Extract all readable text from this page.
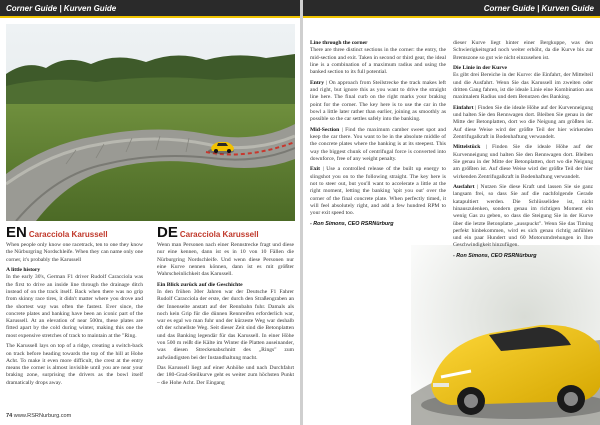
Corner Guide | Kurven Guide
EN Caracciola Karussell

When people only know one racetrack, ten to one they know the Nürburgring Nordschleife. When they can name only one corner, it's probably the Karussell

A little history

In the early 30's, German F1 driver Rudolf Caracciola was the first to drive an inside line through the drainage ditch instead of on the track itself. Back when there was no grip from skinny race tires, it didn't matter where you drove and the shortest way was often the fastest. Ever since, the concrete plates and banking have been an iconic part of the Karussell. At an elevation of near 500m, these plates are fitted apart by the cold during winter, making this one the most expensive stretches of track to maintain at the "Ring.

The Karussell lays on top of a ridge, creating a switch-back on track before heading towards the top of the hill at Hohe Acht. To make it even more difficult, the crest at the entry means the corner is almost invisible until you are near your braking zone, surprising the drivers as the bowl itself dramatically drops away.

DE Caracciola Karussell

Wenn man Personen nach einer Rennstrecke fragt und diese nur eine kennen, dann ist es in 10 von 10 Fällen die Nürburgring Nordschleife. Und wenn diese Personen nur eine Kurve nennen können, dann ist es mit größter Wahrscheinlichkeit das Karussell.

Ein Blick zurück auf die Geschichte

In den frühen 30er Jahren war der Deutsche F1 Fahrer Rudolf Caracciola der erste, der durch den Straßengraben an der Innenseite anstatt auf der Rennbahn fuhr. Damals als noch kein Grip für die dünnen Rennreifen erforderlich war, war es egal wo man fuhr und der kürzeste Weg war deshalb oft der schnellste Weg. Seit dieser Zeit sind die Betonplatten und das Banking legendär für das Karussell. In einer Höhe von 500 m reißt die Kälte im Winter die Platten auseinander, was diesen Streckenabschnitt des „Rings" zum aufwändigsten bei der Instandhaltung macht.

Das Karussell liegt auf einer Anhöhe und nach Durchfahrt der 180-Grad-Steilkurve geht es weiter zum höchsten Punkt – die Hohe Acht. Der Eingang

74 www.RSRNurburg.com
Corner Guide | Kurven Guide

Line through the corner

There are three distinct sections in the corner: the entry, the mid-section and exit. Taken in second or third gear, the ideal line is a combination of a maximum radius and using the banked section to its full potential.

Entry | On approach from Steilstrecke the track makes left and right, but ignore this as you want to drive the straight line here. The final curb on the right marks your braking point for the corner. The key here is to use the car in the bowl a little later rather than earlier, joining as smoothly as possible so the car settles safely into the banking.

Mid-Section | Find the maximum camber sweet spot and keep the car there. You want to be in the absolute middle of the concrete plates where the banking is at its steepest. This way the biggest chunk of centrifugal force is converted into downforce, free of any weight penalty.

Exit | Use a controlled release of the built up energy to slingshot you on to the following straight. The key here is not to steer out, but you'll want to accelerate a little at the right moment, letting the banking 'spit you out' over the corner of the final concrete plate. When perfectly timed, it will feel absolutely right, and add a few hundred RPM to your exit speed too.

- Ron Simons, CEO RSRNürburg

dieser Kurve liegt hinter einer Bergkuppe, was den Schwierigkeitsgrad noch weiter erhöht, da die Kurve bis zur Bremszone so gut wie nicht einzusehen ist.

Die Linie in der Kurve

Es gibt drei Bereiche in der Kurve: die Einfahrt, der Mittelteil und die Ausfahrt. Wenn Sie das Karussell im zweiten oder dritten Gang fahren, ist die ideale Linie eine Kombination aus maximalem Radius und dem Benutzen des Banking.

Einfahrt | Finden Sie die ideale Höhe auf der Kurvenneigung und halten Sie den Rennwagen dort. Bleiben Sie genau in der Mitte der Betonplatten, dort wo die Neigung am größten ist. Auf diese Weise wird der größte Teil der hier wirkenden Zentrifugalkraft in Bodenhaftung verwandelt.

Mittelstück | Finden Sie die ideale Höhe auf der Kurvenneigung und halten Sie den Rennwagen dort. Bleiben Sie genau in der Mitte der Betonplatten, dort wo die Neigung am größten ist. Auf diese Weise wird der größte Teil der hier wirkenden Zentrifugalkraft in Bodenhaftung verwandelt.

Ausfahrt | Nutzen Sie diese Kraft und lassen Sie sie ganz langsam frei, so dass Sie auf die nachfolgende Gerade katapultiert werden. Die Schlüsselidee ist, nicht hinauszulenken, sondern genau im richtigen Moment ein wenig Gas zu geben, so dass die Steigung Sie in der Kurve über die letzte Betonplatte „ausspuckt". Wenn Sie das Timing perfekt hinbekommen, wird es sich genau richtig anfühlen und ein paar Hundert und 60 Motorumdrehungen in Ihre Geschwindigkeit hinzufügen.

- Ron Simons, CEO RSRNürburg
